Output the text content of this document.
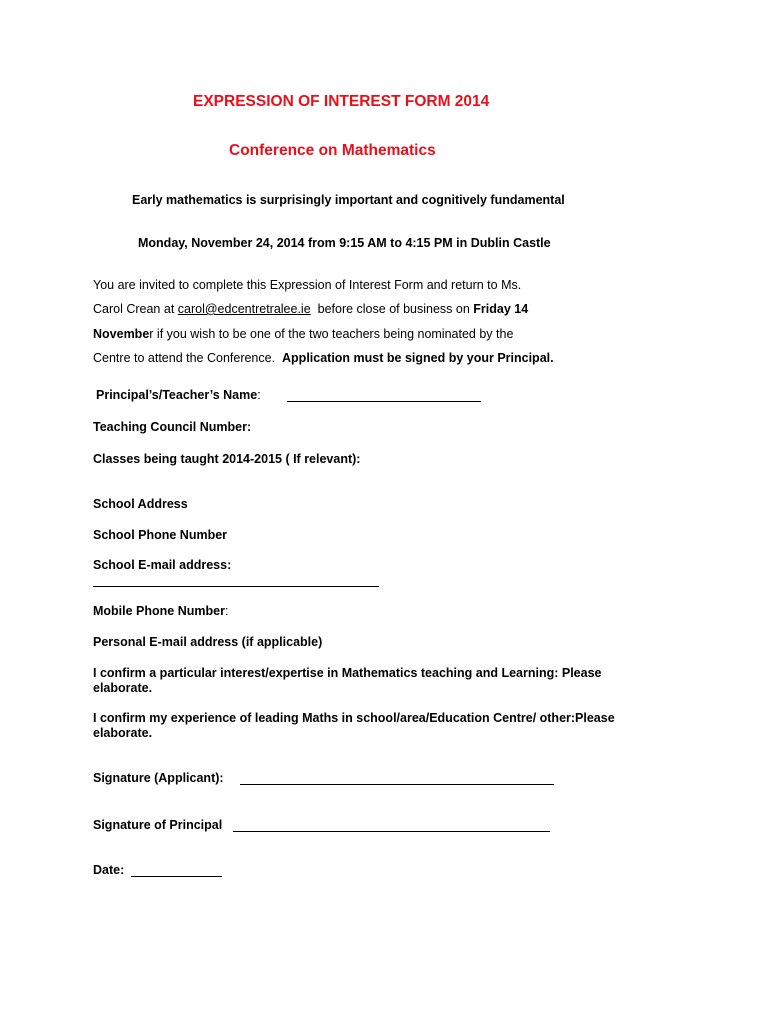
EXPRESSION OF INTEREST FORM 2014
Conference on Mathematics
Early mathematics is surprisingly important and cognitively fundamental
Monday, November 24, 2014 from 9:15 AM to 4:15 PM in Dublin Castle
You are invited to complete this Expression of Interest Form and return to Ms.
Carol Crean at carol@edcentretralee.ie  before close of business on Friday 14
November if you wish to be one of the two teachers being nominated by the
Centre to attend the Conference.  Application must be signed by your Principal.
Principal’s/Teacher’s Name:
Teaching Council Number:
Classes being taught 2014-2015 ( If relevant):
School Address
School Phone Number
School E-mail address:
Mobile Phone Number:
Personal E-mail address (if applicable)
I confirm a particular interest/expertise in Mathematics teaching and Learning: Please
elaborate.
I confirm my experience of leading Maths in school/area/Education Centre/ other:Please
elaborate.
Signature (Applicant):
Signature of Principal
Date:
